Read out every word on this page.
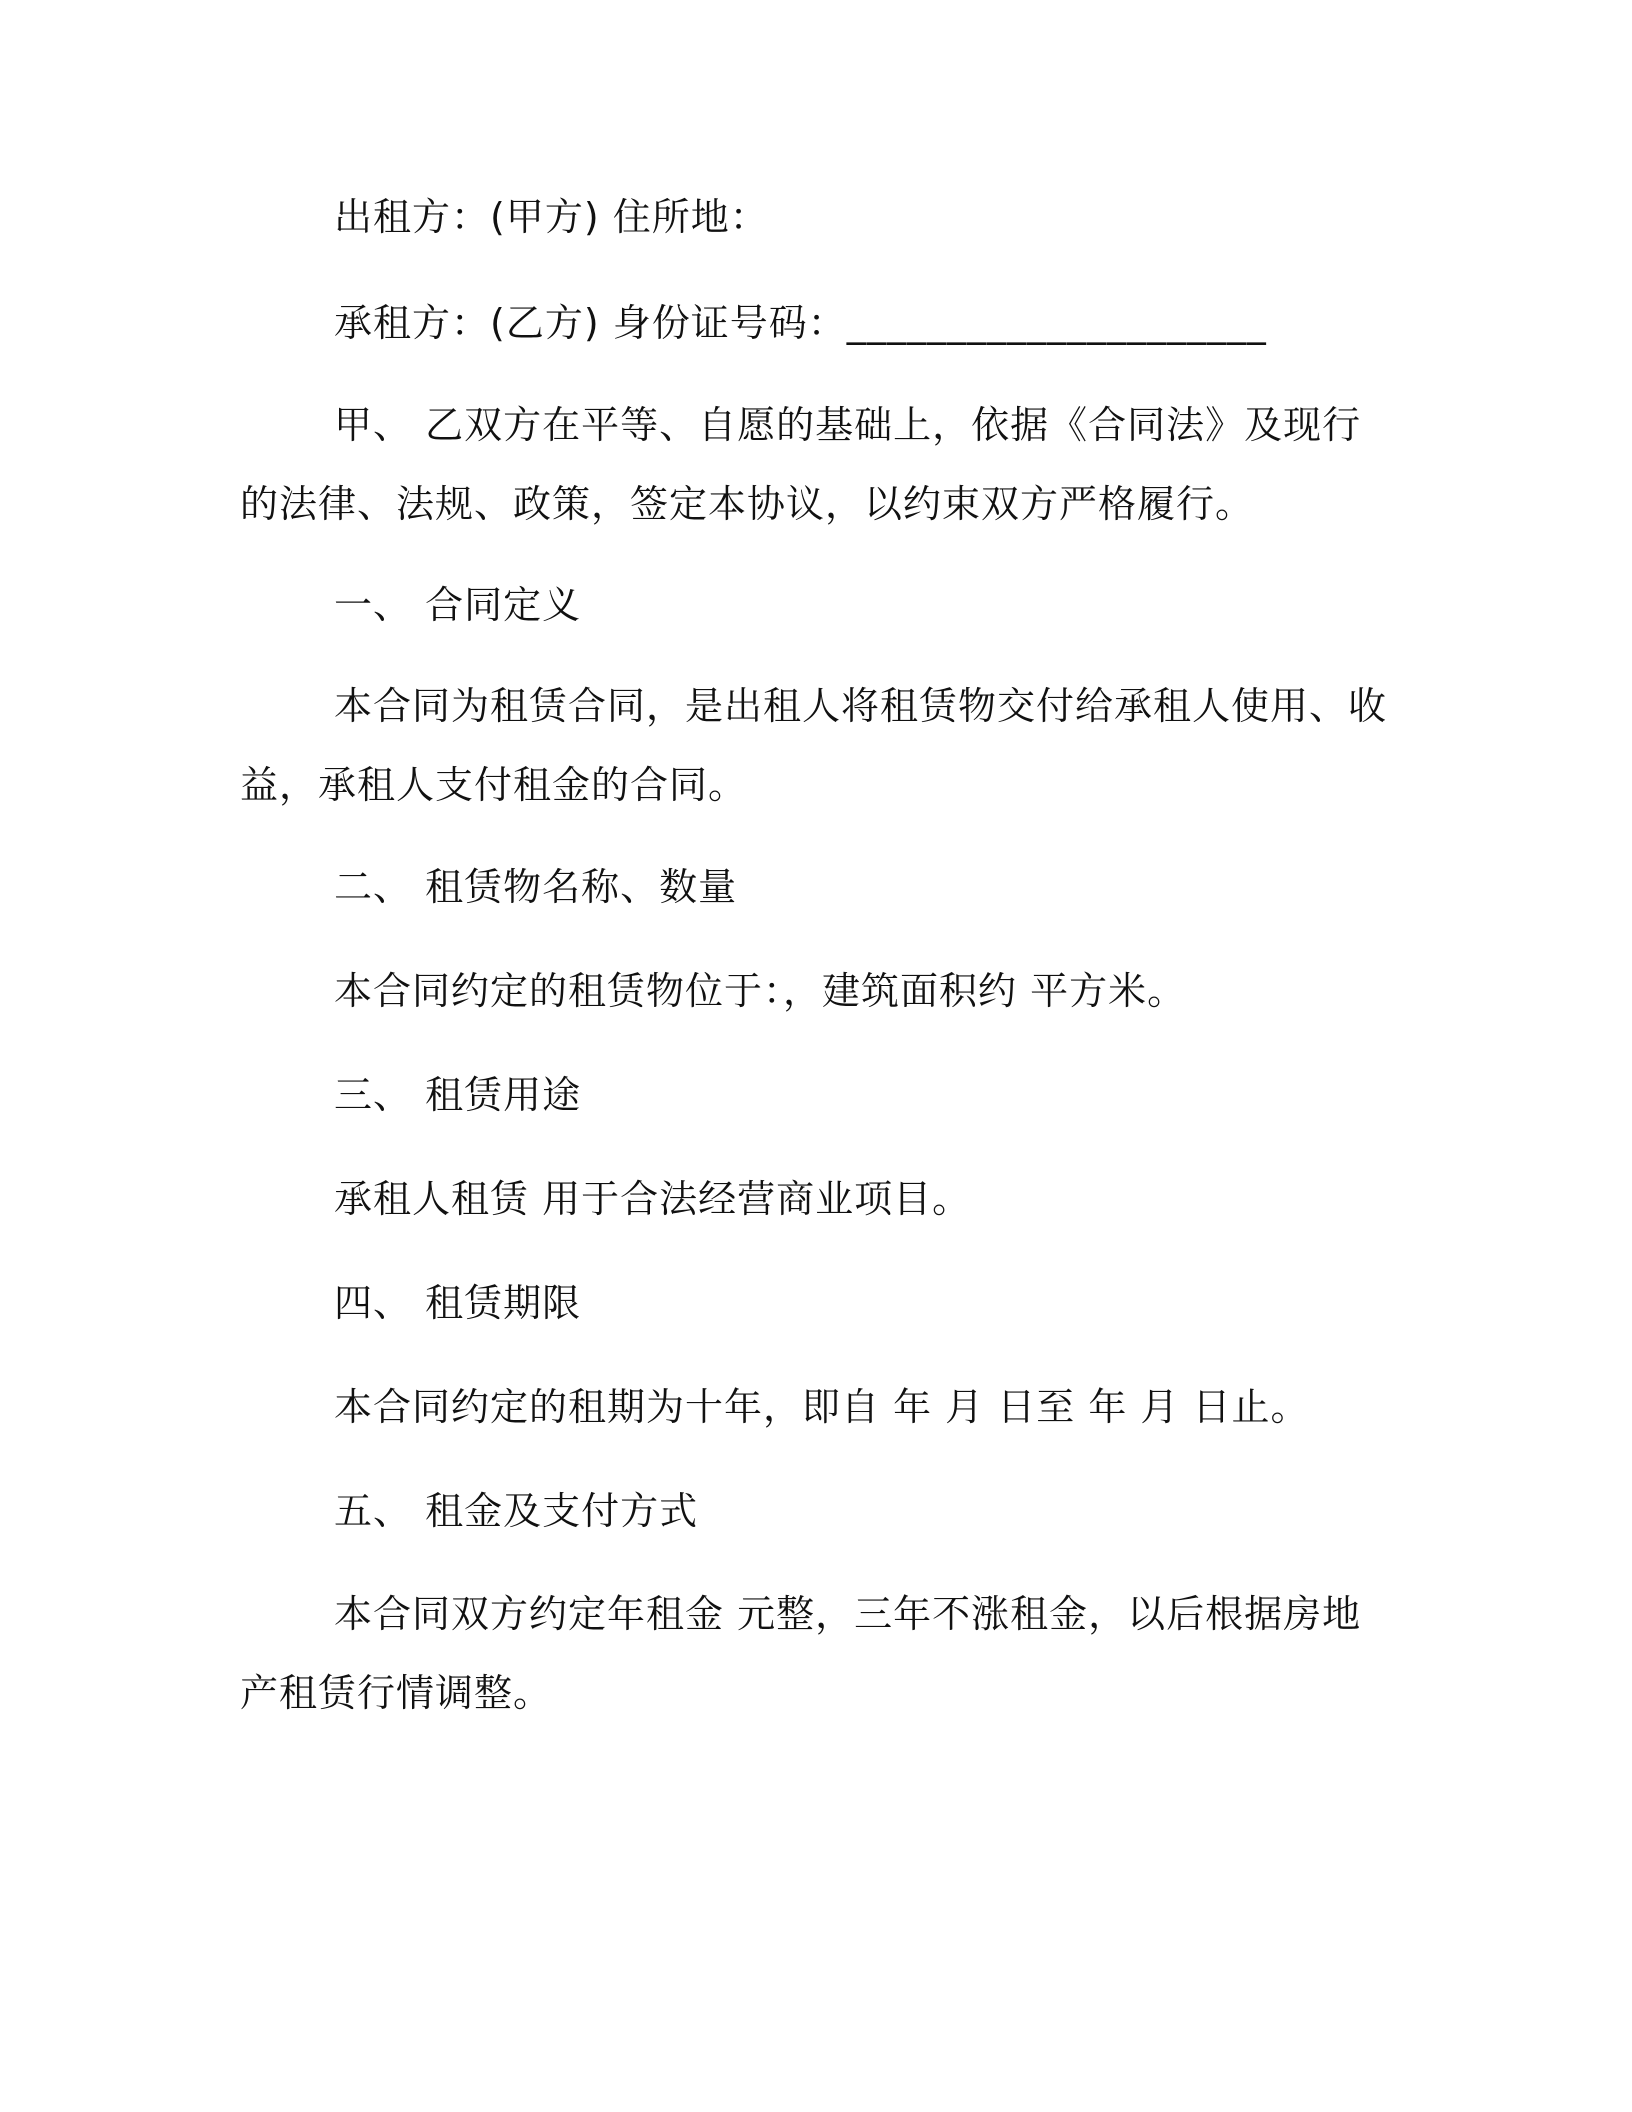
出租方：(甲方) 住所地：
承租方：(乙方) 身份证号码：_____________________
甲、 乙双方在平等、自愿的基础上，依据《合同法》及现行的法律、法规、政策，签定本协议，以约束双方严格履行。
一、 合同定义
本合同为租赁合同，是出租人将租赁物交付给承租人使用、收益，承租人支付租金的合同。
二、 租赁物名称、数量
本合同约定的租赁物位于：，建筑面积约 平方米。
三、 租赁用途
承租人租赁 用于合法经营商业项目。
四、 租赁期限
本合同约定的租期为十年，即自 年 月 日至 年 月 日止。
五、 租金及支付方式
本合同双方约定年租金 元整，三年不涨租金，以后根据房地产租赁行情调整。
